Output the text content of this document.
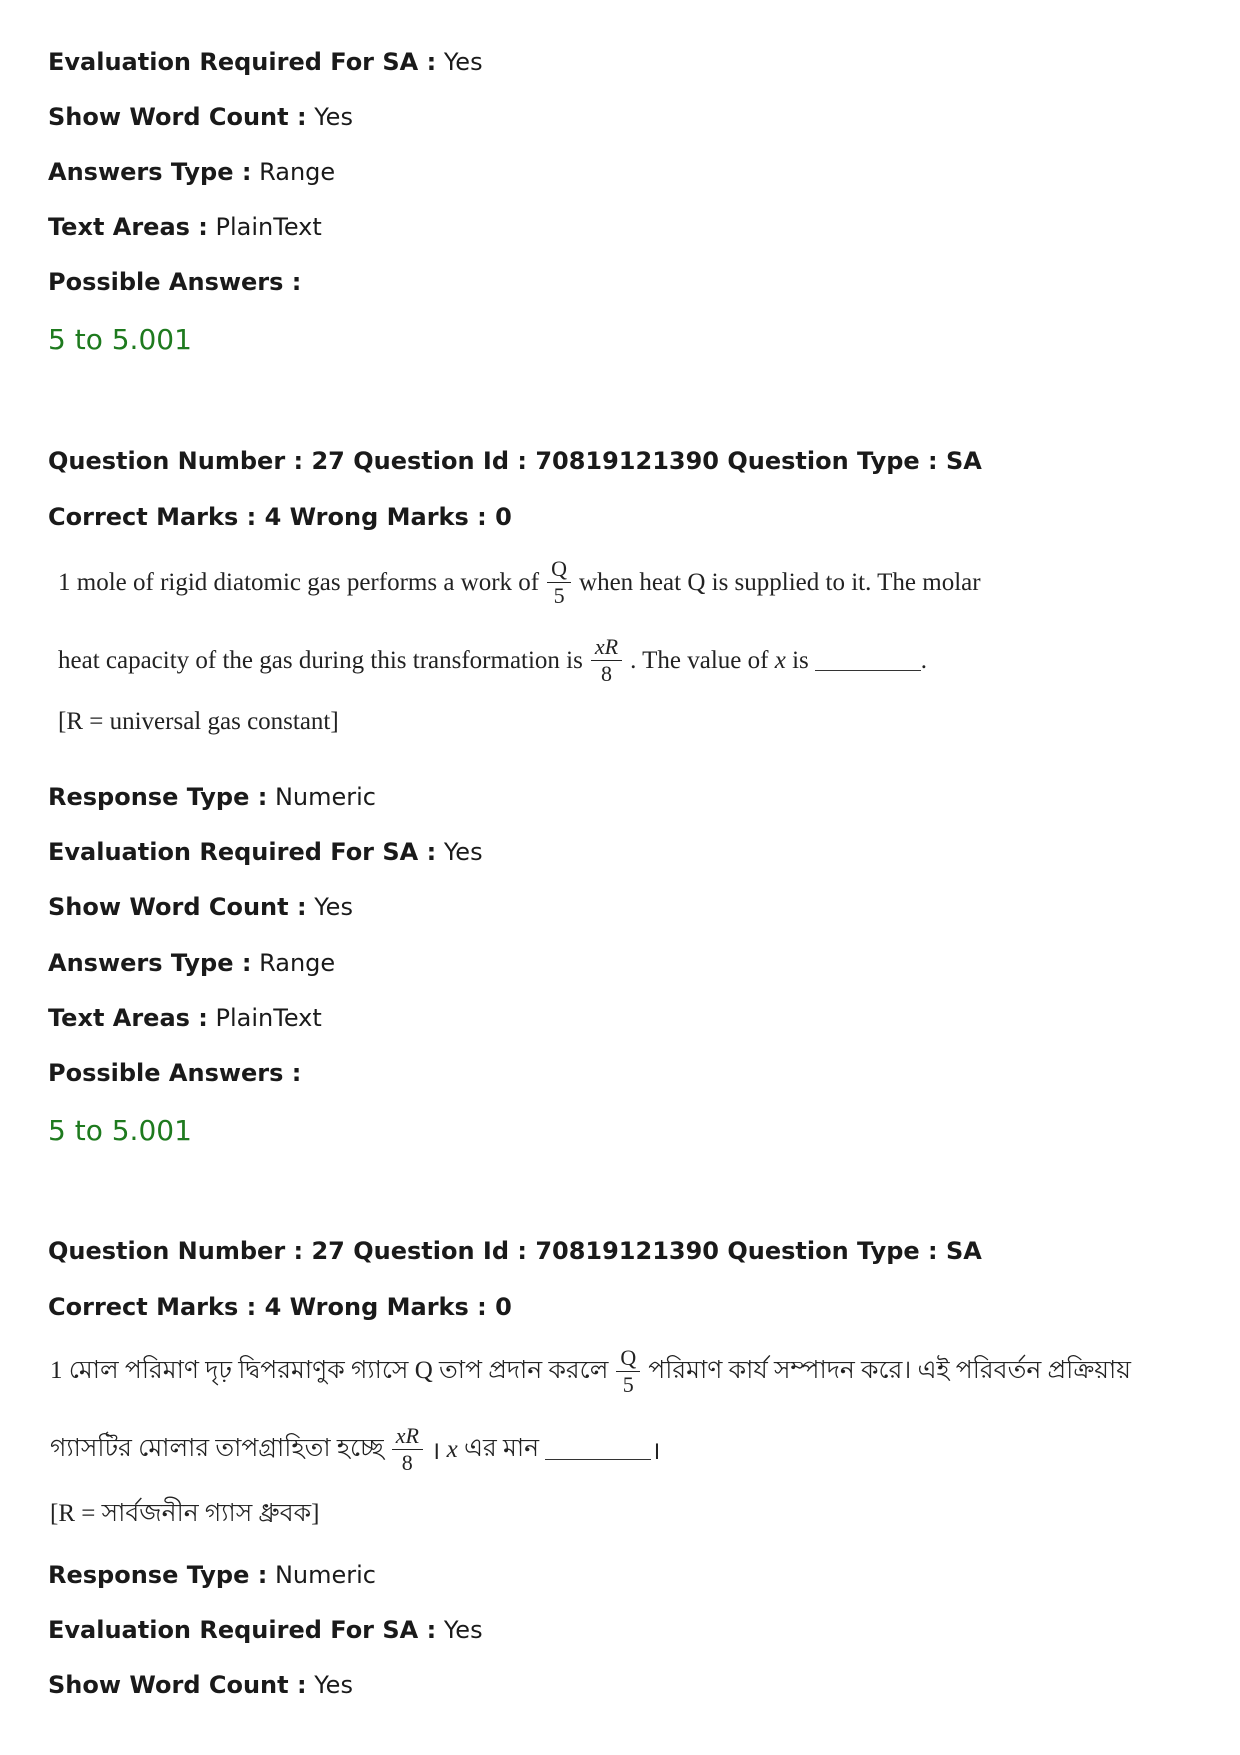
Evaluation Required For SA : Yes
Show Word Count : Yes
Answers Type : Range
Text Areas : PlainText
Possible Answers :
5 to 5.001
Question Number : 27 Question Id : 70819121390 Question Type : SA
Correct Marks : 4 Wrong Marks : 0
1 mole of rigid diatomic gas performs a work of $\frac{Q}{5}$ when heat Q is supplied to it. The molar
heat capacity of the gas during this transformation is $\frac{xR}{8}$ . The value of
x
is	.
[R = universal gas constant]
Response Type : Numeric
Evaluation Required For SA : Yes
Show Word Count : Yes
Answers Type : Range
Text Areas : PlainText
Possible Answers :
5 to 5.001
Question Number : 27 Question Id : 70819121390 Question Type : SA
Correct Marks : 4 Wrong Marks : 0
1 মোল পরিমাণ দৃঢ় দ্বিপরমাণুক গ্যাসে Q তাপ প্রদান করলে $\frac{Q}{5}$ পরিমাণ কার্য সম্পাদন করে। এই পরিবর্তন প্রক্রিয়ায়
গ্যাসটির মোলার তাপগ্রাহিতা হচ্ছে $\frac{xR}{8}$ ।
x
এর মান	।
[R = সার্বজনীন গ্যাস ধ্রুবক]
Response Type : Numeric
Evaluation Required For SA : Yes
Show Word Count : Yes
